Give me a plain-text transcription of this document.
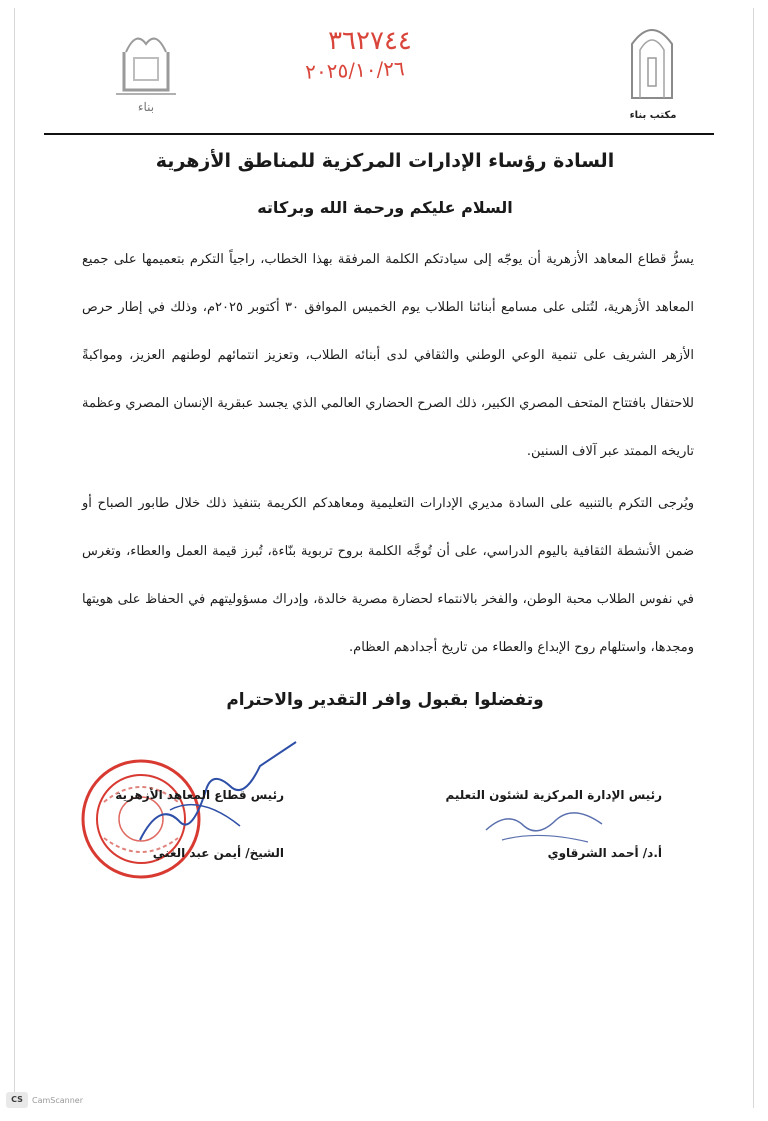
بناء
مكتب بناء
٣٦٢٧٤٤
٢٠٢٥/١٠/٢٦
السادة رؤساء الإدارات المركزية للمناطق الأزهرية
السلام عليكم ورحمة الله وبركاته
يسرُّ قطاع المعاهد الأزهرية أن يوجّه إلى سيادتكم الكلمة المرفقة بهذا الخطاب، راجياً التكرم بتعميمها على جميع المعاهد الأزهرية، لتُتلى على مسامع أبنائنا الطلاب يوم الخميس الموافق ٣٠ أكتوبر ٢٠٢٥م، وذلك في إطار حرص الأزهر الشريف على تنمية الوعي الوطني والثقافي لدى أبنائه الطلاب، وتعزيز انتمائهم لوطنهم العزيز، ومواكبةً للاحتفال بافتتاح المتحف المصري الكبير، ذلك الصرح الحضاري العالمي الذي يجسد عبقرية الإنسان المصري وعظمة تاريخه الممتد عبر آلاف السنين.
ويُرجى التكرم بالتنبيه على السادة مديري الإدارات التعليمية ومعاهدكم الكريمة بتنفيذ ذلك خلال طابور الصباح أو ضمن الأنشطة الثقافية باليوم الدراسي، على أن تُوجَّه الكلمة بروح تربوية بنّاءة، تُبرز قيمة العمل والعطاء، وتغرس في نفوس الطلاب محبة الوطن، والفخر بالانتماء لحضارة مصرية خالدة، وإدراك مسؤوليتهم في الحفاظ على هويتها ومجدها، واستلهام روح الإبداع والعطاء من تاريخ أجدادهم العظام.
وتفضلوا بقبول وافر التقدير والاحترام
رئيس الإدارة المركزية لشئون التعليم
أ.د/ أحمد الشرقاوي
رئيس قطاع المعاهد الأزهرية
الشيخ/ أيمن عبد الغني
CS	CamScanner
